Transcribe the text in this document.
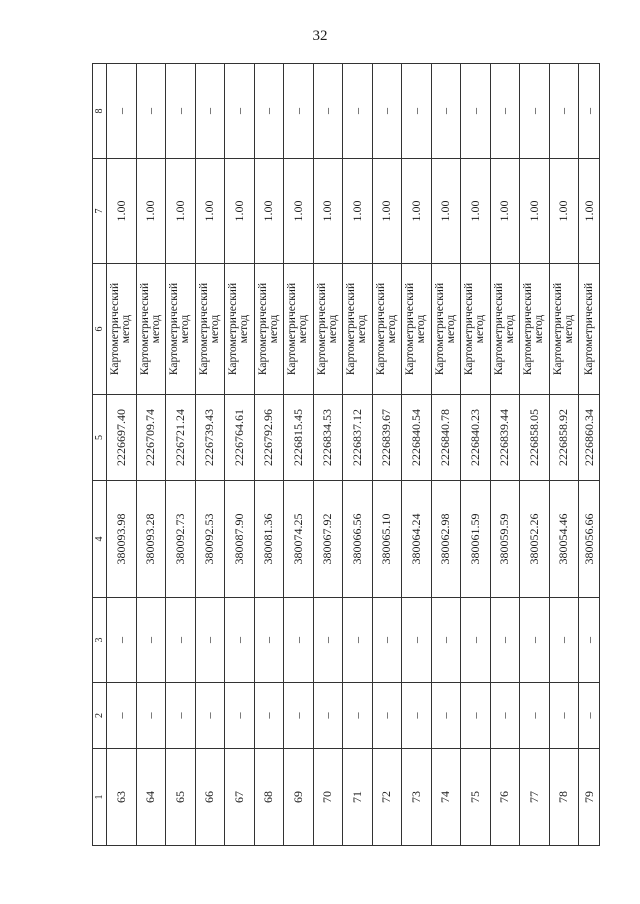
32
1	2	3	4	5	6	7	8
63	–	–	380093.98	2226697.40	Картометрический метод	1.00	–
64	–	–	380093.28	2226709.74	Картометрический метод	1.00	–
65	–	–	380092.73	2226721.24	Картометрический метод	1.00	–
66	–	–	380092.53	2226739.43	Картометрический метод	1.00	–
67	–	–	380087.90	2226764.61	Картометрический метод	1.00	–
68	–	–	380081.36	2226792.96	Картометрический метод	1.00	–
69	–	–	380074.25	2226815.45	Картометрический метод	1.00	–
70	–	–	380067.92	2226834.53	Картометрический метод	1.00	–
71	–	–	380066.56	2226837.12	Картометрический метод	1.00	–
72	–	–	380065.10	2226839.67	Картометрический метод	1.00	–
73	–	–	380064.24	2226840.54	Картометрический метод	1.00	–
74	–	–	380062.98	2226840.78	Картометрический метод	1.00	–
75	–	–	380061.59	2226840.23	Картометрический метод	1.00	–
76	–	–	380059.59	2226839.44	Картометрический метод	1.00	–
77	–	–	380052.26	2226858.05	Картометрический метод	1.00	–
78	–	–	380054.46	2226858.92	Картометрический метод	1.00	–
79	–	–	380056.66	2226860.34	Картометрический	1.00	–
